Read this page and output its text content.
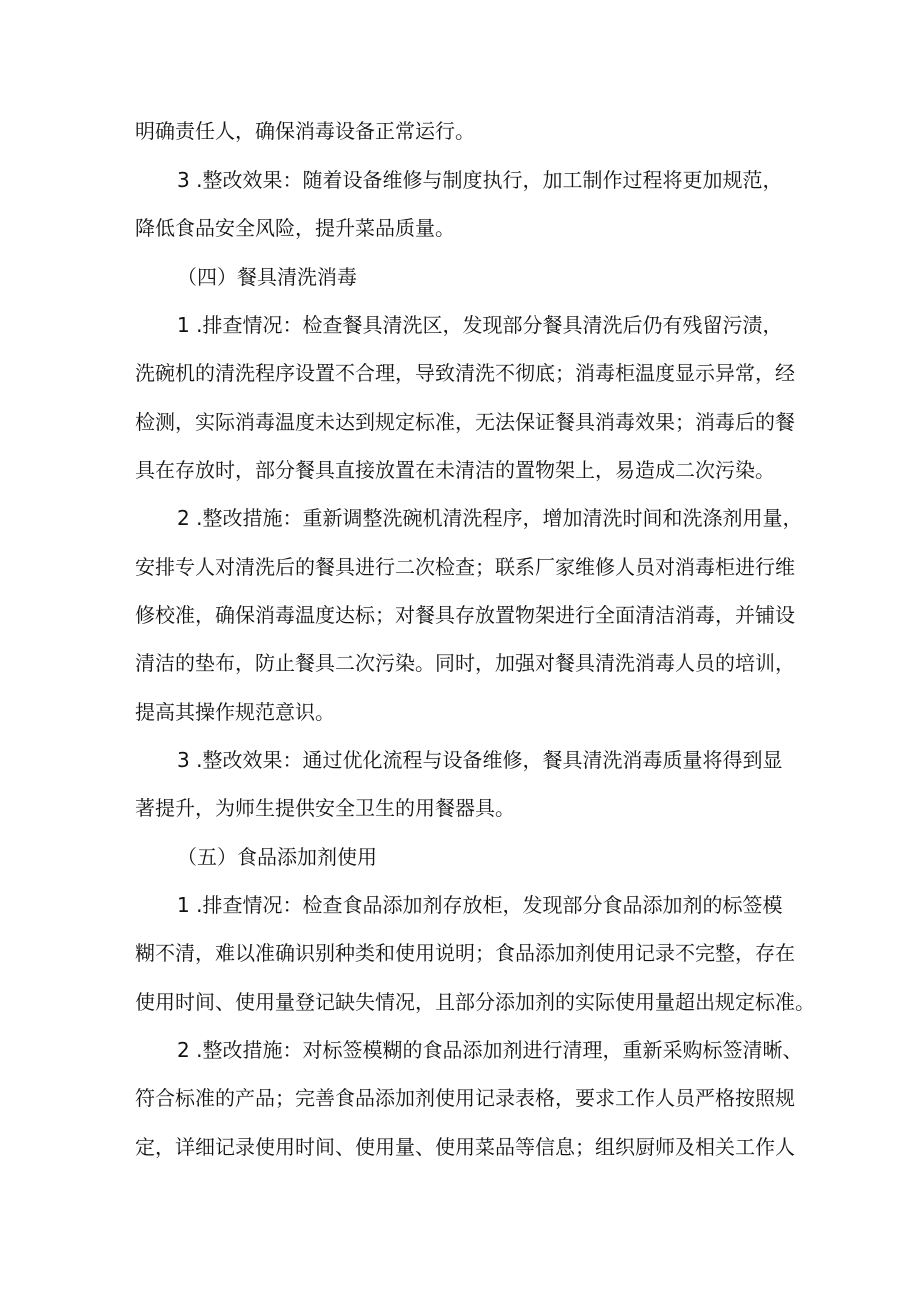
明确责任人，确保消毒设备正常运行。
3 .整改效果：随着设备维修与制度执行，加工制作过程将更加规范，
降低食品安全风险，提升菜品质量。
（四）餐具清洗消毒
1 .排查情况：检查餐具清洗区，发现部分餐具清洗后仍有残留污渍，
洗碗机的清洗程序设置不合理，导致清洗不彻底；消毒柜温度显示异常，经
检测，实际消毒温度未达到规定标准，无法保证餐具消毒效果；消毒后的餐
具在存放时，部分餐具直接放置在未清洁的置物架上，易造成二次污染。
2 .整改措施：重新调整洗碗机清洗程序，增加清洗时间和洗涤剂用量，
安排专人对清洗后的餐具进行二次检查；联系厂家维修人员对消毒柜进行维
修校准，确保消毒温度达标；对餐具存放置物架进行全面清洁消毒，并铺设
清洁的垫布，防止餐具二次污染。同时，加强对餐具清洗消毒人员的培训，
提高其操作规范意识。
3 .整改效果：通过优化流程与设备维修，餐具清洗消毒质量将得到显
著提升，为师生提供安全卫生的用餐器具。
（五）食品添加剂使用
1 .排查情况：检查食品添加剂存放柜，发现部分食品添加剂的标签模
糊不清，难以准确识别种类和使用说明；食品添加剂使用记录不完整，存在
使用时间、使用量登记缺失情况，且部分添加剂的实际使用量超出规定标准。
2 .整改措施：对标签模糊的食品添加剂进行清理，重新采购标签清晰、
符合标准的产品；完善食品添加剂使用记录表格，要求工作人员严格按照规
定，详细记录使用时间、使用量、使用菜品等信息；组织厨师及相关工作人
